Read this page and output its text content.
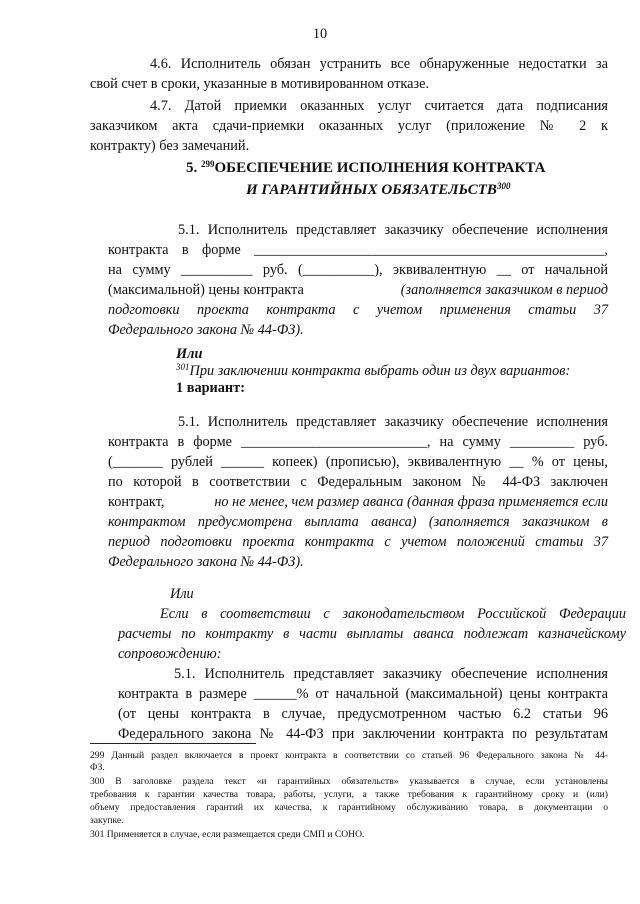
10
4.6. Исполнитель обязан устранить все обнаруженные недостатки за
свой счет в сроки, указанные в мотивированном отказе.
4.7. Датой приемки оказанных услуг считается дата подписания
заказчиком акта сдачи-приемки оказанных услуг (приложение № 2 к
контракту) без замечаний.
5. $^{299}$ОБЕСПЕЧЕНИЕ ИСПОЛНЕНИЯ КОНТРАКТА
И ГАРАНТИЙНЫХ ОБЯЗАТЕЛЬСТВ$^{300}$
5.1. Исполнитель представляет заказчику обеспечение исполнения
контракта в форме _________________________________________________,
на сумму __________ руб. (__________), эквивалентную __ от начальной
(максимальной) цены контракта	(заполняется заказчиком в период
подготовки проекта контракта с учетом применения статьи 37
Федерального закона № 44-ФЗ).
Или
$^{301}$При заключении контракта выбрать один из двух вариантов:
1 вариант:
5.1. Исполнитель представляет заказчику обеспечение исполнения
контракта в форме __________________________, на сумму _________ руб.
(_______ рублей ______ копеек) (прописью), эквивалентную __ % от цены,
по которой в соответствии с Федеральным законом № 44-ФЗ заключен
контракт,	но не менее, чем размер аванса (данная фраза применяется если
контрактом предусмотрена выплата аванса) (заполняется заказчиком в
период подготовки проекта контракта с учетом положений статьи 37
Федерального закона № 44-ФЗ).
Или
Если в соответствии с законодательством Российской Федерации
расчеты по контракту в части выплаты аванса подлежат казначейскому
сопровождению:
5.1. Исполнитель представляет заказчику обеспечение исполнения
контракта в размере ______% от начальной (максимальной) цены контракта
(от цены контракта в случае, предусмотренном частью 6.2 статьи 96
Федерального закона № 44-ФЗ при заключении контракта по результатам
299 Данный раздел включается в проект контракта в соответствии со статьей 96 Федерального закона № 44-
ФЗ.
300 В заголовке раздела текст «и гарантийных обязательств» указывается в случае, если установлены
требования к гарантии качества товара, работы, услуги, а также требования к гарантийному сроку и (или)
объему предоставления гарантий их качества, к гарантийному обслуживанию товара, в документации о
закупке.
301 Применяется в случае, если размещается среди СМП и СОНО.
